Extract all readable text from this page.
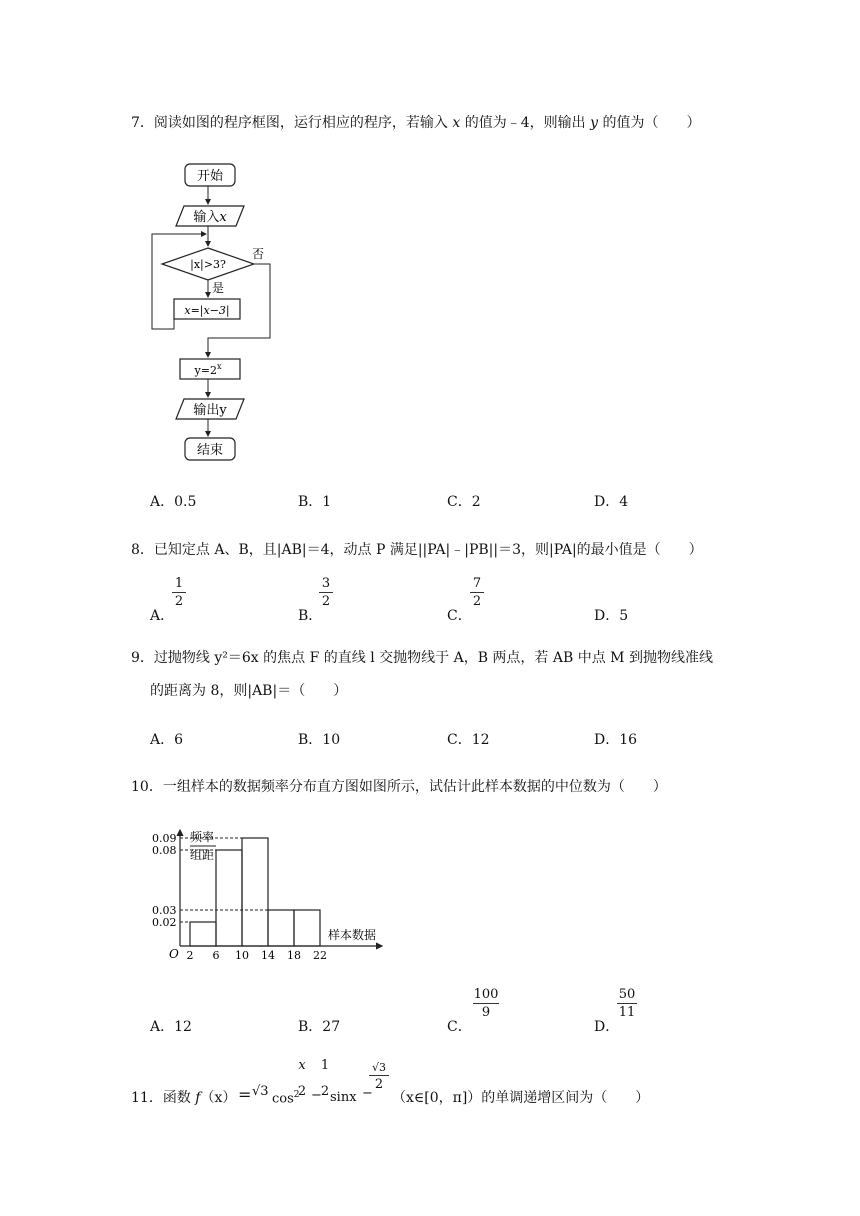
7．阅读如图的程序框图，运行相应的程序，若输入 x 的值为﹣4，则输出 y 的值为（　　）
开始
输入x
|x|>3?
否
是
x=|x−3|
$y=2^x$
输出y
结束
A．0.5	B．1	C．2	D．4
8．已知定点 A、B，且|AB|＝4，动点 P 满足||PA|﹣|PB||＝3，则|PA|的最小值是（　　）
A．
1
2
B．
3
2
C．
7
2
D．5
9．过抛物线 y²＝6x 的焦点 F 的直线 l 交抛物线于 A，B 两点，若 AB 中点 M 到抛物线准线
的距离为 8，则|AB|＝（　　）
A．6	B．10	C．12	D．16
10．一组样本的数据频率分布直方图如图所示，试估计此样本数据的中位数为（　　）
频率
组距
样本数据
O
0.09
0.08
0.03
0.02
2 6 10 14 18 22
A．12	B．27	C．
100
9
D．
50
11
11．函数 f（x） = √3 $\cos^2$
x
2 −
1
2 sinx −
√3
2
（x∈[0，π]）的单调递增区间为（　　）
